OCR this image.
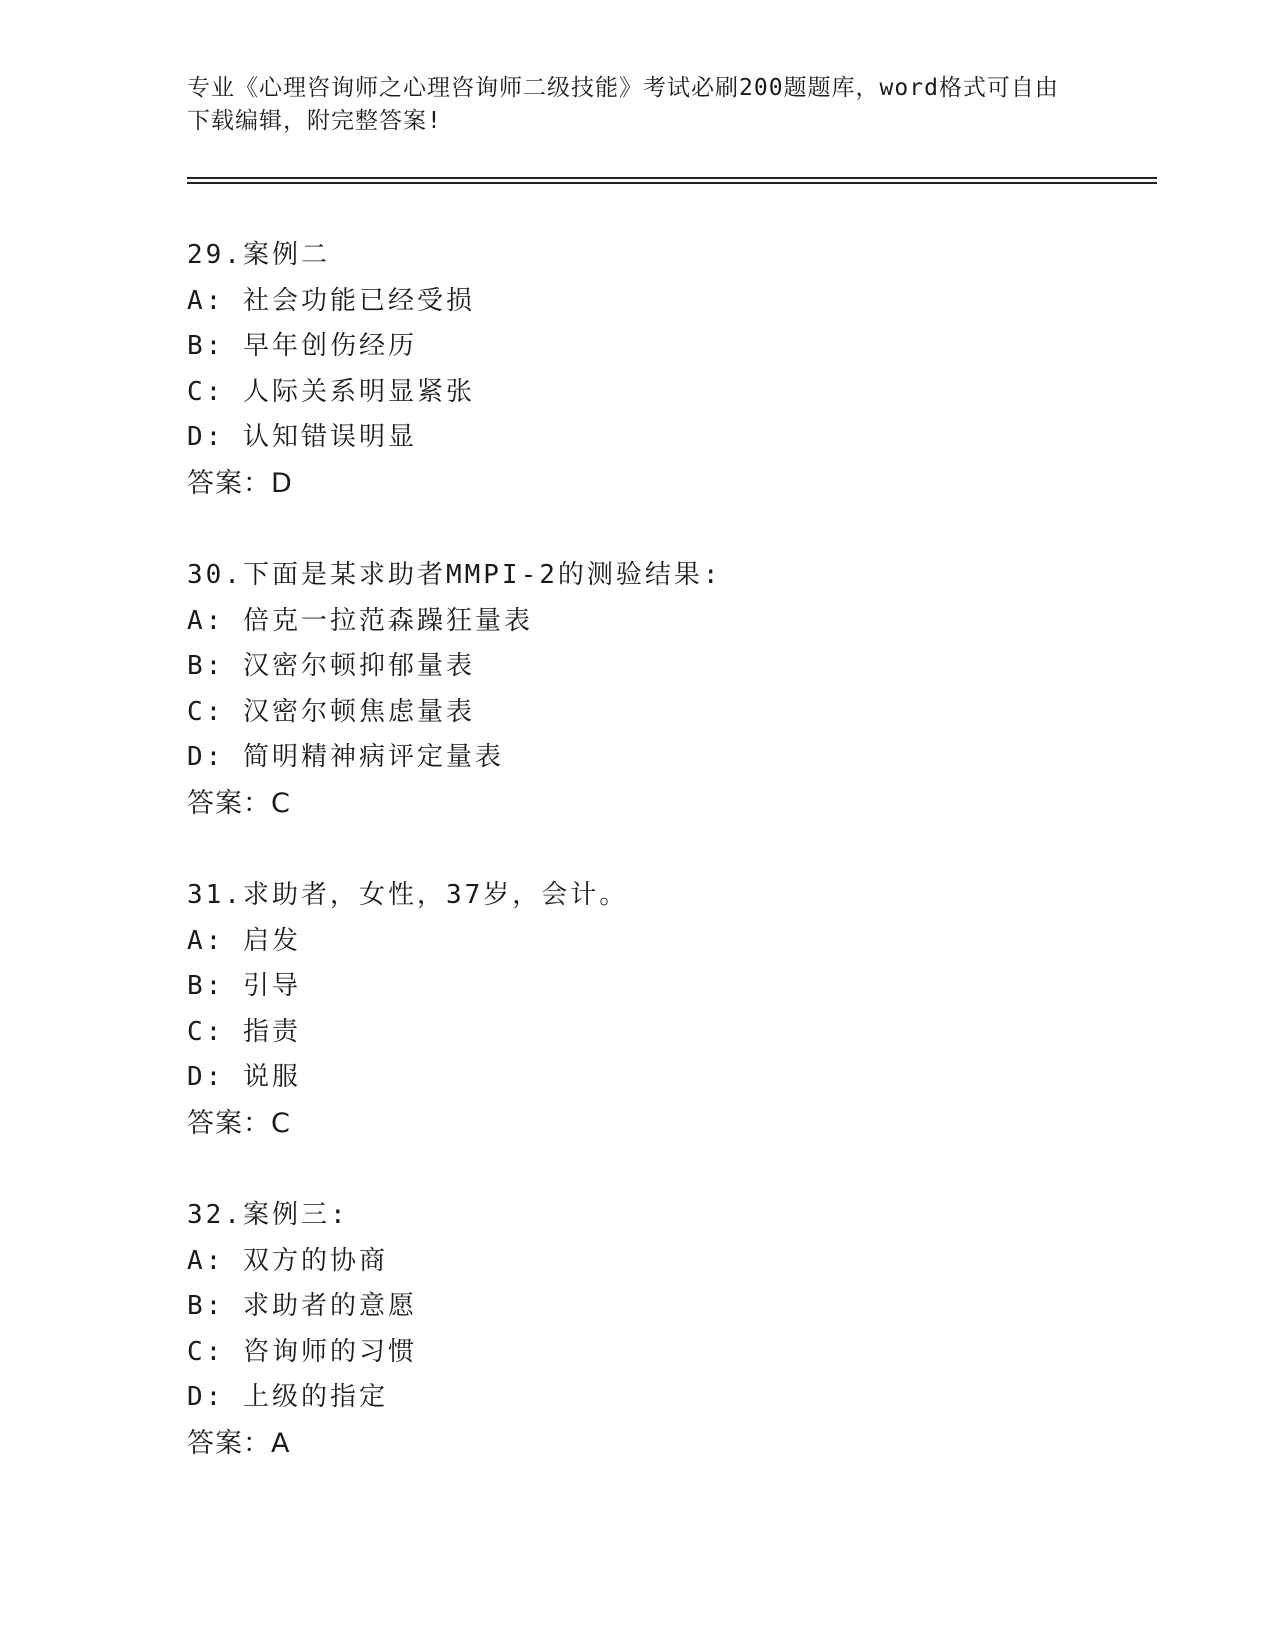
专业《心理咨询师之心理咨询师二级技能》考试必刷200题题库，word格式可自由下载编辑，附完整答案!
29.案例二
A: 社会功能已经受损
B: 早年创伤经历
C: 人际关系明显紧张
D: 认知错误明显
答案：D
30.下面是某求助者MMPI-2的测验结果:
A: 倍克一拉范森躁狂量表
B: 汉密尔顿抑郁量表
C: 汉密尔顿焦虑量表
D: 简明精神病评定量表
答案：C
31.求助者，女性，37岁，会计。
A: 启发
B: 引导
C: 指责
D: 说服
答案：C
32.案例三:
A: 双方的协商
B: 求助者的意愿
C: 咨询师的习惯
D: 上级的指定
答案：A
